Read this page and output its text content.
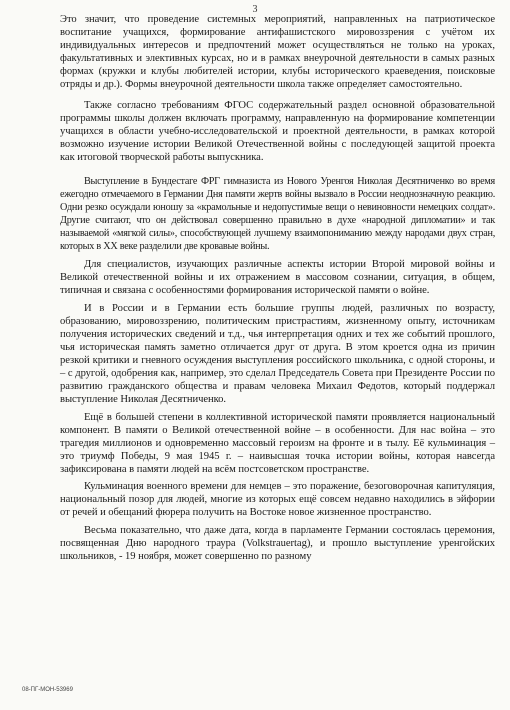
3

Это значит, что проведение системных мероприятий, направленных на патриотическое воспитание учащихся, формирование антифашистского мировоззрения с учётом их индивидуальных интересов и предпочтений может осуществляться не только на уроках, факультативных и элективных курсах, но и в рамках внеурочной деятельности в самых разных формах (кружки и клубы любителей истории, клубы исторического краеведения, поисковые отряды и др.). Формы внеурочной деятельности школа также определяет самостоятельно.

Также согласно требованиям ФГОС содержательный раздел основной образовательной программы школы должен включать программу, направленную на формирование компетенции учащихся в области учебно-исследовательской и проектной деятельности, в рамках которой возможно изучение истории Великой Отечественной войны с последующей защитой проекта как итоговой творческой работы выпускника.

Выступление в Бундестаге ФРГ гимназиста из Нового Уренгоя Николая Десятниченко во время ежегодно отмечаемого в Германии Дня памяти жертв войны вызвало в России неоднозначную реакцию. Одни резко осуждали юношу за «крамольные и недопустимые вещи о невиновности немецких солдат». Другие считают, что он действовал совершенно правильно в духе «народной дипломатии» и так называемой «мягкой силы», способствующей лучшему взаимопониманию между народами двух стран, которых в ХХ веке разделили две кровавые войны.

Для специалистов, изучающих различные аспекты истории Второй мировой войны и Великой отечественной войны и их отражением в массовом сознании, ситуация, в общем, типичная и связана с особенностями формирования исторической памяти о войне.

И в России и в Германии есть большие группы людей, различных по возрасту, образованию, мировоззрению, политическим пристрастиям, жизненному опыту, источникам получения исторических сведений и т.д., чья интерпретация одних и тех же событий прошлого, чья историческая память заметно отличается друг от друга. В этом кроется одна из причин резкой критики и гневного осуждения выступления российского школьника, с одной стороны, и – с другой, одобрения как, например, это сделал Председатель Совета при Президенте России по развитию гражданского общества и правам человека Михаил Федотов, который поддержал выступление Николая Десятниченко.

Ещё в большей степени в коллективной исторической памяти проявляется национальный компонент. В памяти о Великой отечественной войне – в особенности. Для нас война – это трагедия миллионов и одновременно массовый героизм на фронте и в тылу. Её кульминация – это триумф Победы, 9 мая 1945 г. – наивысшая точка истории войны, которая навсегда зафиксирована в памяти людей на всём постсоветском пространстве.

Кульминация военного времени для немцев – это поражение, безоговорочная капитуляция, национальный позор для людей, многие из которых ещё совсем недавно находились в эйфории от речей и обещаний фюрера получить на Востоке новое жизненное пространство.

Весьма показательно, что даже дата, когда в парламенте Германии состоялась церемония, посвященная Дню народного траура (Volkstrauertag), и прошло выступление уренгойских школьников, - 19 ноября, может совершенно по разному

08-ПГ-МОН-53969
